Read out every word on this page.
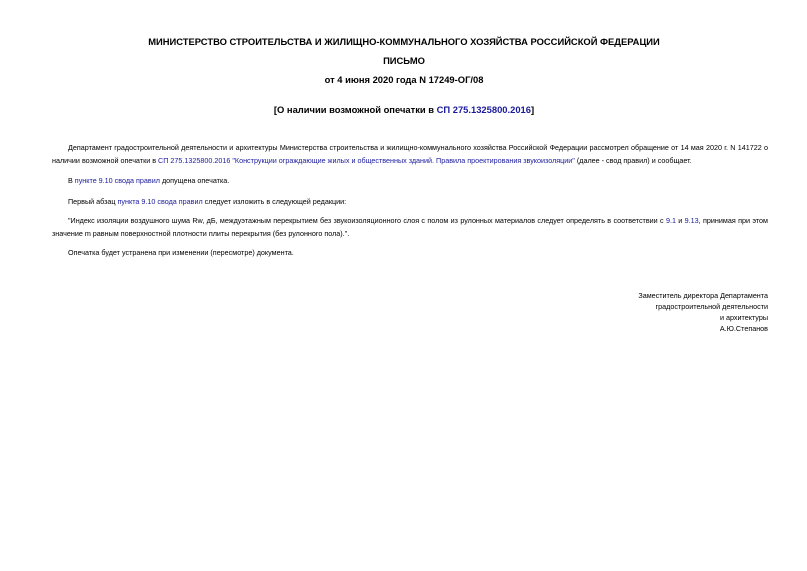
МИНИСТЕРСТВО СТРОИТЕЛЬСТВА И ЖИЛИЩНО-КОММУНАЛЬНОГО ХОЗЯЙСТВА РОССИЙСКОЙ ФЕДЕРАЦИИ
ПИСЬМО
от 4 июня 2020 года N 17249-ОГ/08
[О наличии возможной опечатки в СП 275.1325800.2016]
Департамент градостроительной деятельности и архитектуры Министерства строительства и жилищно-коммунального хозяйства Российской Федерации рассмотрел обращение от 14 мая 2020 г. N 141722 о наличии возможной опечатки в СП 275.1325800.2016 "Конструкции ограждающие жилых и общественных зданий. Правила проектирования звукоизоляции" (далее - свод правил) и сообщает.
В пункте 9.10 свода правил допущена опечатка.
Первый абзац пункта 9.10 свода правил следует изложить в следующей редакции:
"Индекс изоляции воздушного шума Rw, дБ, междуэтажным перекрытием без звукоизоляционного слоя с полом из рулонных материалов следует определять в соответствии с 9.1 и 9.13, принимая при этом значение m равным поверхностной плотности плиты перекрытия (без рулонного пола).".
Опечатка будет устранена при изменении (пересмотре) документа.
Заместитель директора Департамента
градостроительной деятельности
и архитектуры
А.Ю.Степанов
